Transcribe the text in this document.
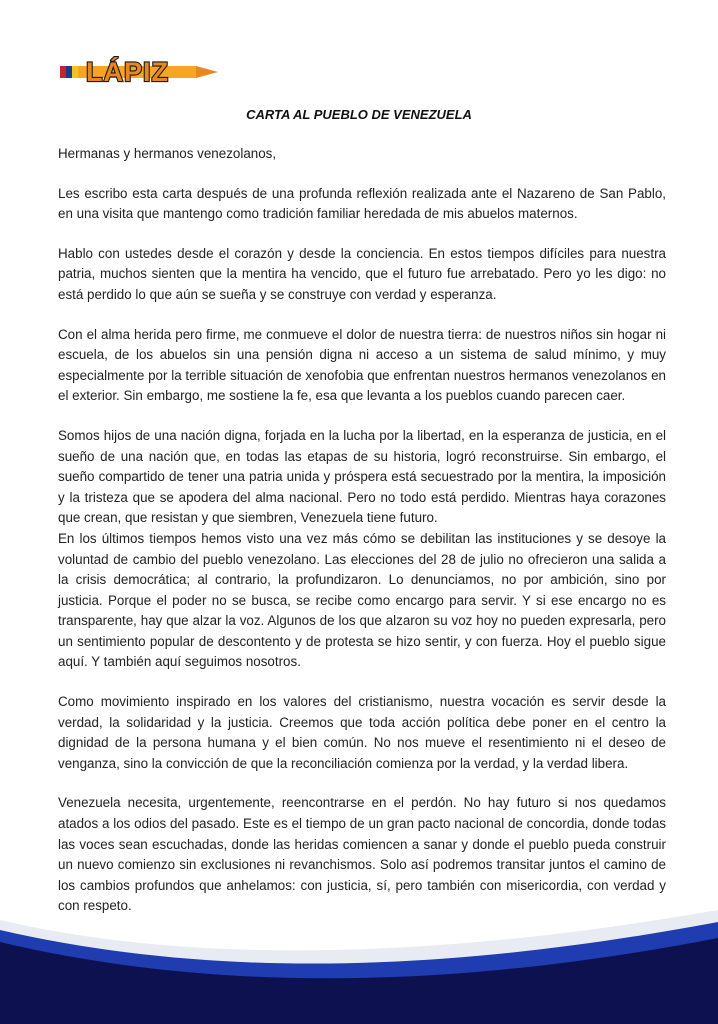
LÁPIZ
CARTA AL PUEBLO DE VENEZUELA

Hermanas y hermanos venezolanos,

Les escribo esta carta después de una profunda reflexión realizada ante el Nazareno de San Pablo, en una visita que mantengo como tradición familiar heredada de mis abuelos maternos.

Hablo con ustedes desde el corazón y desde la conciencia. En estos tiempos difíciles para nuestra patria, muchos sienten que la mentira ha vencido, que el futuro fue arrebatado. Pero yo les digo: no está perdido lo que aún se sueña y se construye con verdad y esperanza.

Con el alma herida pero firme, me conmueve el dolor de nuestra tierra: de nuestros niños sin hogar ni escuela, de los abuelos sin una pensión digna ni acceso a un sistema de salud mínimo, y muy especialmente por la terrible situación de xenofobia que enfrentan nuestros hermanos venezolanos en el exterior. Sin embargo, me sostiene la fe, esa que levanta a los pueblos cuando parecen caer.

Somos hijos de una nación digna, forjada en la lucha por la libertad, en la esperanza de justicia, en el sueño de una nación que, en todas las etapas de su historia, logró reconstruirse. Sin embargo, el sueño compartido de tener una patria unida y próspera está secuestrado por la mentira, la imposición y la tristeza que se apodera del alma nacional. Pero no todo está perdido. Mientras haya corazones que crean, que resistan y que siembren, Venezuela tiene futuro.

En los últimos tiempos hemos visto una vez más cómo se debilitan las instituciones y se desoye la voluntad de cambio del pueblo venezolano. Las elecciones del 28 de julio no ofrecieron una salida a la crisis democrática; al contrario, la profundizaron. Lo denunciamos, no por ambición, sino por justicia. Porque el poder no se busca, se recibe como encargo para servir. Y si ese encargo no es transparente, hay que alzar la voz. Algunos de los que alzaron su voz hoy no pueden expresarla, pero un sentimiento popular de descontento y de protesta se hizo sentir, y con fuerza. Hoy el pueblo sigue aquí. Y también aquí seguimos nosotros.

Como movimiento inspirado en los valores del cristianismo, nuestra vocación es servir desde la verdad, la solidaridad y la justicia. Creemos que toda acción política debe poner en el centro la dignidad de la persona humana y el bien común. No nos mueve el resentimiento ni el deseo de venganza, sino la convicción de que la reconciliación comienza por la verdad, y la verdad libera.

Venezuela necesita, urgentemente, reencontrarse en el perdón. No hay futuro si nos quedamos atados a los odios del pasado. Este es el tiempo de un gran pacto nacional de concordia, donde todas las voces sean escuchadas, donde las heridas comiencen a sanar y donde el pueblo pueda construir un nuevo comienzo sin exclusiones ni revanchismos. Solo así podremos transitar juntos el camino de los cambios profundos que anhelamos: con justicia, sí, pero también con misericordia, con verdad y con respeto.
